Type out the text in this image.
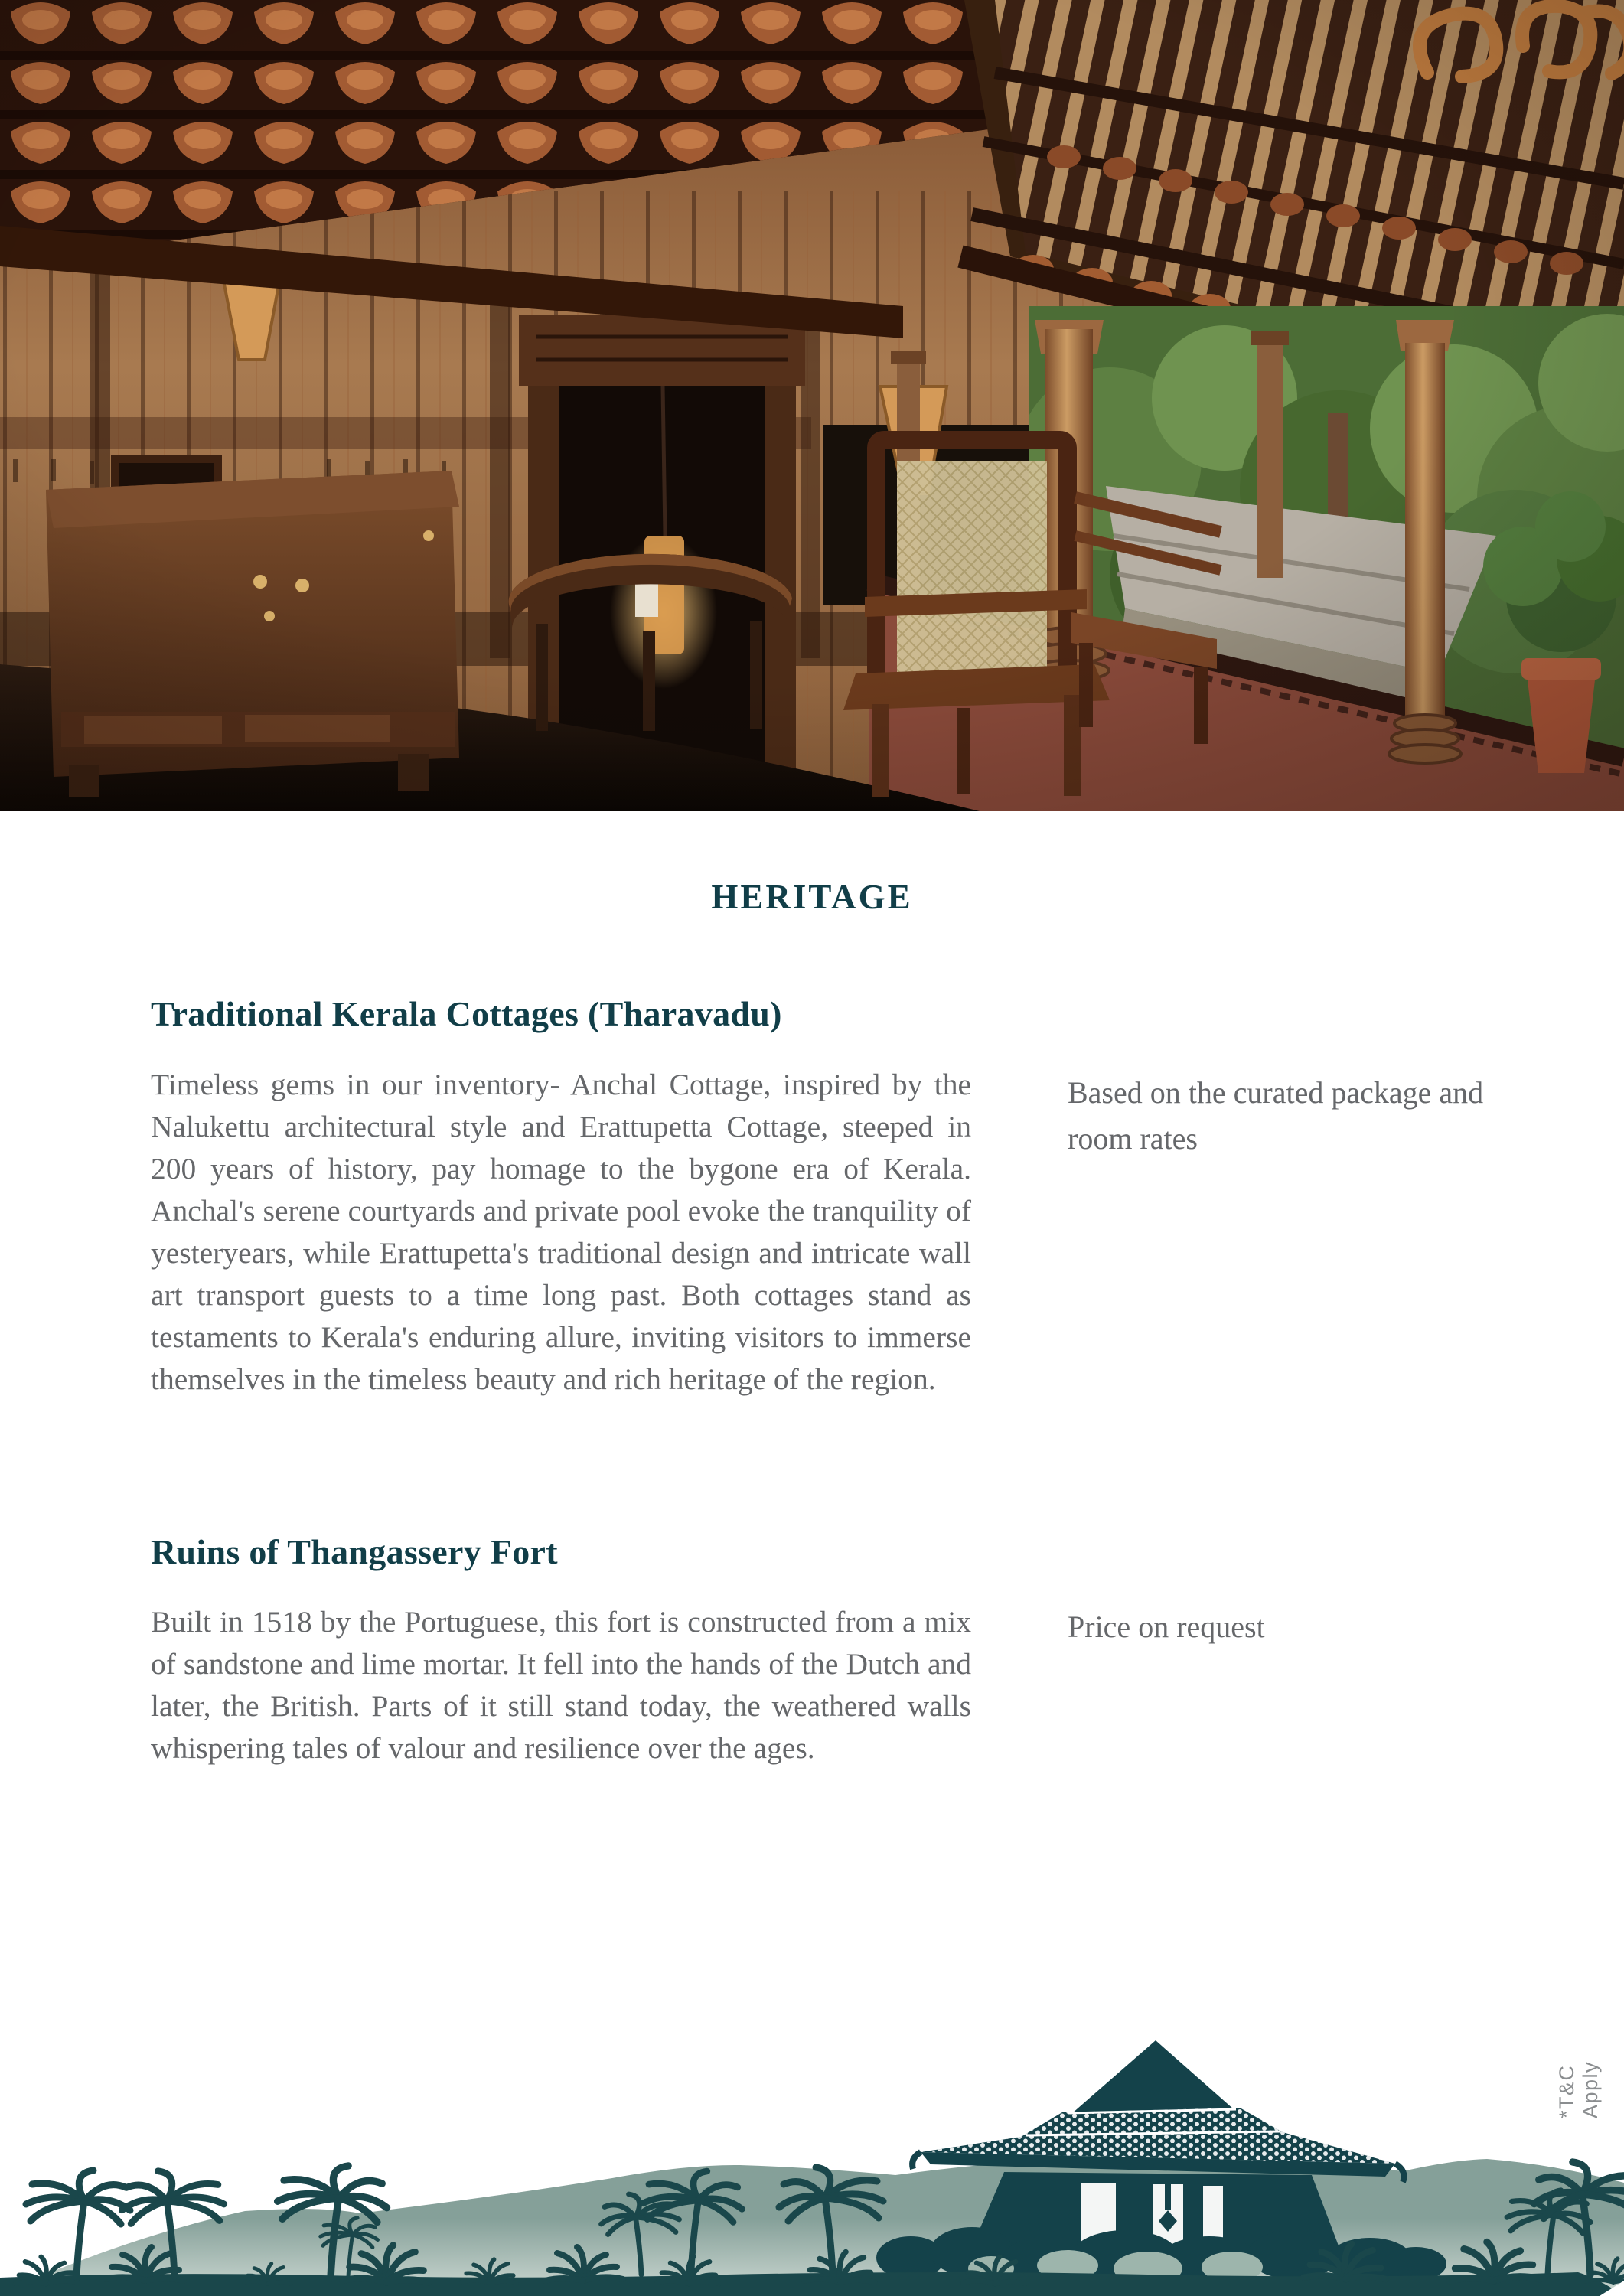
HERITAGE
Traditional Kerala Cottages (Tharavadu)
Timeless gems in our inventory- Anchal Cottage, inspired by the Nalukettu architectural style and Erattupetta Cottage, steeped in 200 years of history, pay homage to the bygone era of Kerala. Anchal's serene courtyards and private pool evoke the tranquility of yesteryears, while Erattupetta's traditional design and intricate wall art transport guests to a time long past. Both cottages stand as testaments to Kerala's enduring allure, inviting visitors to immerse themselves in the timeless beauty and rich heritage of the region.
Based on the curated package and room rates
Ruins of Thangassery Fort
Built in 1518 by the Portuguese, this fort is constructed from a mix of sandstone and lime mortar. It fell into the hands of the Dutch and later, the British. Parts of it still stand today, the weathered walls whispering tales of valour and resilience over the ages.
Price on request
*T&C Apply
